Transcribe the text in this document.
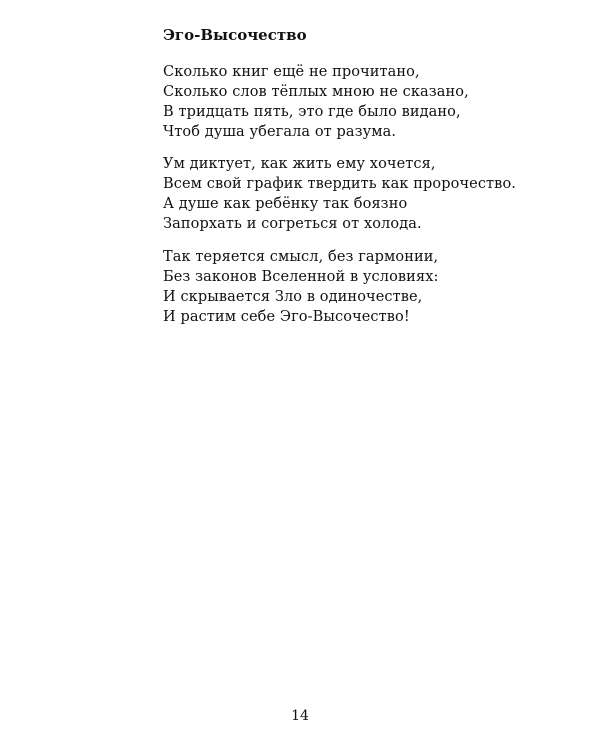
Эго-Высочество
Сколько книг ещё не прочитано,
Сколько слов тёплых мною не сказано,
В тридцать пять, это где было видано,
Чтоб душа убегала от разума.
Ум диктует, как жить ему хочется,
Всем свой график твердить как пророчество.
А душе как ребёнку так боязно
Запорхать и согреться от холода.
Так теряется смысл, без гармонии,
Без законов Вселенной в условиях:
И скрывается Зло в одиночестве,
И растим себе Эго-Высочество!
14
